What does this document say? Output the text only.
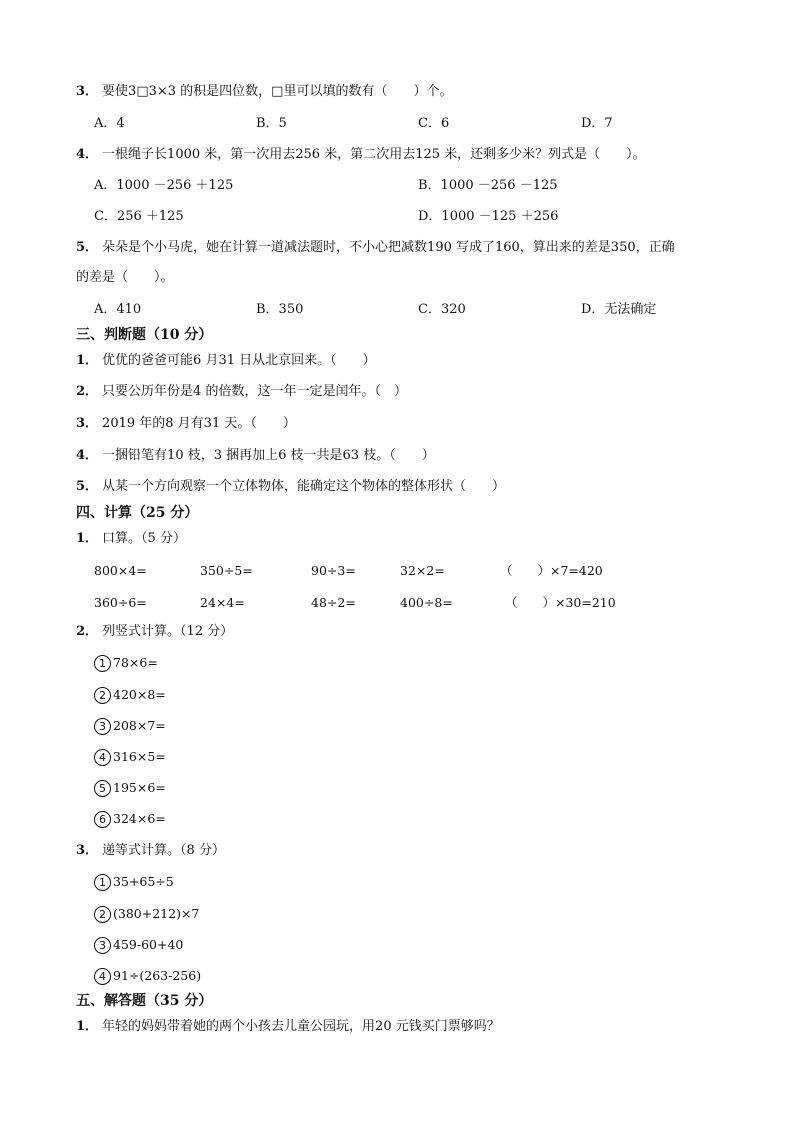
3． 要使3□3×3 的积是四位数，□里可以填的数有（　　）个。
A．4	B．5	C．6	D．7
4． 一根绳子长1000 米，第一次用去256 米，第二次用去125 米，还剩多少米？列式是（　　）。
A．1000 －256 ＋125	B．1000 －256 －125
C．256 ＋125	D．1000 －125 ＋256
5． 朵朵是个小马虎，她在计算一道减法题时，不小心把减数190 写成了160，算出来的差是350，正确
的差是（　　）。
A．410	B．350	C．320	D．无法确定
三、判断题（10 分）
1． 优优的爸爸可能6 月31 日从北京回来。（　　）
2． 只要公历年份是4 的倍数，这一年一定是闰年。（　）
3． 2019 年的8 月有31 天。（　　）
4． 一捆铅笔有10 枝，3 捆再加上6 枝一共是63 枝。（　　）
5． 从某一个方向观察一个立体物体，能确定这个物体的整体形状（　　）
四、计算（25 分）
1． 口算。（5 分）
800×4=	350÷5=	90÷3=	32×2=	（　　）×7=420
360÷6=	24×4=	48÷2=	400÷8=	（　　）×30=210
2． 列竖式计算。（12 分）
1 78×6=
2 420×8=
3 208×7=
4 316×5=
5 195×6=
6 324×6=
3． 递等式计算。（8 分）
1 35+65÷5
2 (380+212)×7
3 459-60+40
4 91÷(263-256)
五、解答题（35 分）
1． 年轻的妈妈带着她的两个小孩去儿童公园玩，用20 元钱买门票够吗？
